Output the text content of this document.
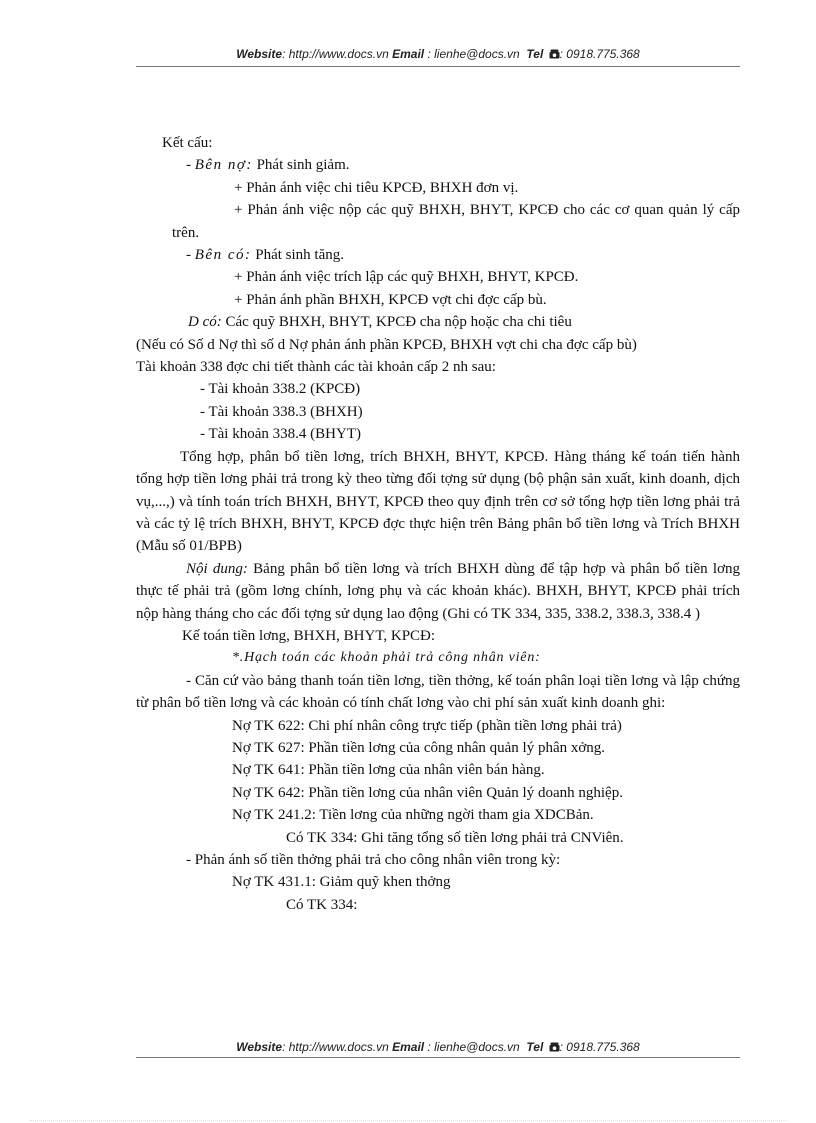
Website: http://www.docs.vn Email : lienhe@docs.vn Tel : 0918.775.368
Kết cấu:
- Bên nợ: Phát sinh giảm.
+ Phản ánh việc chi tiêu KPCĐ, BHXH đơn vị.
+ Phản ánh việc nộp các quỹ BHXH, BHYT, KPCĐ cho các cơ quan quản lý cấp trên.
- Bên có: Phát sinh tăng.
+ Phản ánh việc trích lập các quỹ BHXH, BHYT, KPCĐ.
+ Phản ánh phần BHXH, KPCĐ vợt chi đợc cấp bù.
D có: Các quỹ BHXH, BHYT, KPCĐ cha nộp hoặc cha chi tiêu
(Nếu có Số d Nợ thì số d Nợ phản ánh phần KPCĐ, BHXH vợt chi cha đợc cấp bù)
Tài khoản 338 đợc chi tiết thành các tài khoản cấp 2 nh sau:
- Tài khoản 338.2 (KPCĐ)
- Tài khoản 338.3 (BHXH)
- Tài khoản 338.4 (BHYT)
Tổng hợp, phân bổ tiền lơng, trích BHXH, BHYT, KPCĐ. Hàng tháng kế toán tiến hành tổng hợp tiền lơng phải trả trong kỳ theo từng đối tợng sử dụng (bộ phận sản xuất, kinh doanh, dịch vụ,...,) và tính toán trích BHXH, BHYT, KPCĐ theo quy định trên cơ sở tổng hợp tiền lơng phải trả và các tỷ lệ trích BHXH, BHYT, KPCĐ đợc thực hiện trên Bảng phân bổ tiền lơng và Trích BHXH (Mẫu số 01/BPB)
Nội dung: Bảng phân bổ tiền lơng và trích BHXH dùng để tập hợp và phân bổ tiền lơng thực tế phải trả (gồm lơng chính, lơng phụ và các khoản khác). BHXH, BHYT, KPCĐ phải trích nộp hàng tháng cho các đối tợng sử dụng lao động (Ghi có TK 334, 335, 338.2, 338.3, 338.4 )
Kế toán tiền lơng, BHXH, BHYT, KPCĐ:
*.Hạch toán các khoản phải trả công nhân viên:
- Căn cứ vào bảng thanh toán tiền lơng, tiền thởng, kế toán phân loại tiền lơng và lập chứng từ phân bổ tiền lơng và các khoản có tính chất lơng vào chi phí sản xuất kinh doanh ghi:
Nợ TK 622: Chi phí nhân công trực tiếp (phần tiền lơng phải trả)
Nợ TK 627: Phần tiền lơng của công nhân quản lý phân xởng.
Nợ TK 641: Phần tiền lơng của nhân viên bán hàng.
Nợ TK 642: Phần tiền lơng của nhân viên Quản lý doanh nghiệp.
Nợ TK 241.2: Tiền lơng của những ngời tham gia XDCBản.
Có TK 334: Ghi tăng tổng số tiền lơng phải trả CNViên.
- Phản ánh số tiền thởng phải trả cho công nhân viên trong kỳ:
Nợ TK 431.1: Giảm quỹ khen thởng
Có TK 334:
Website: http://www.docs.vn Email : lienhe@docs.vn Tel : 0918.775.368
